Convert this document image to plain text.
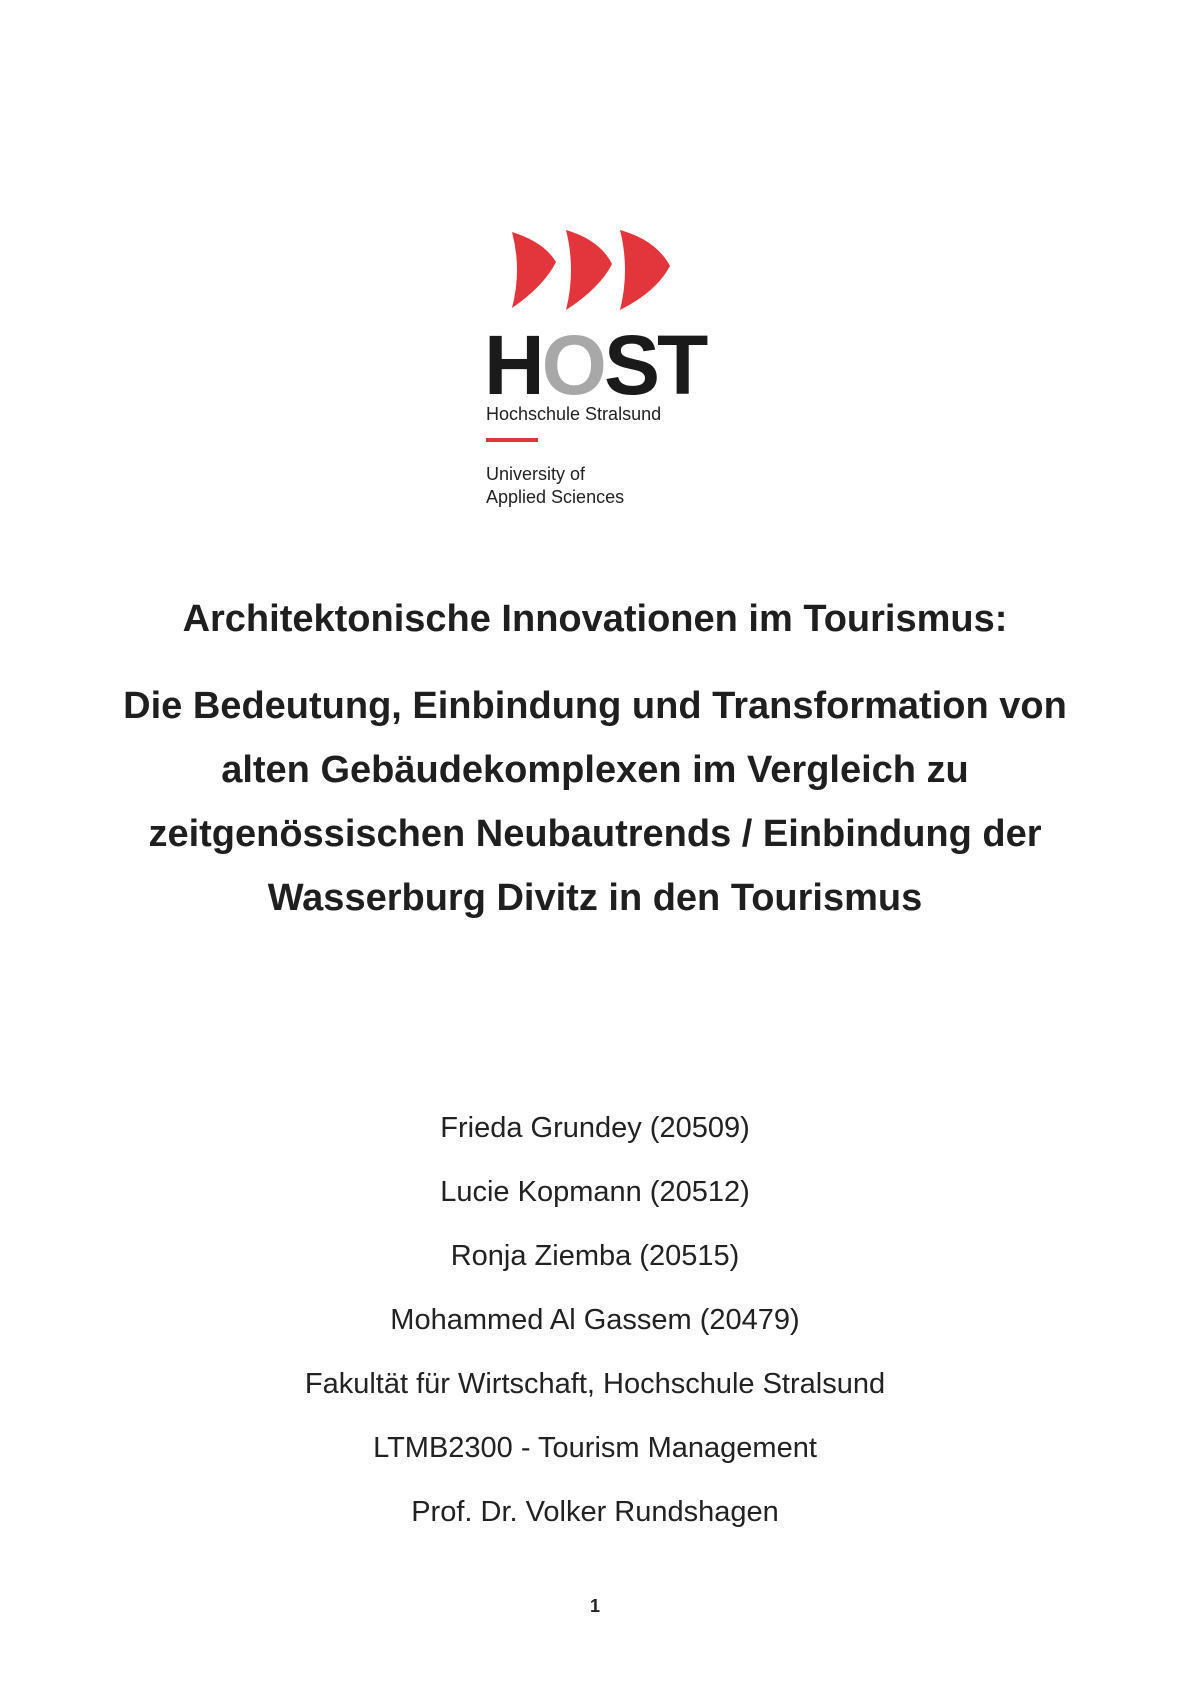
HOST
Hochschule Stralsund
University of
Applied Sciences
Architektonische Innovationen im Tourismus:
Die Bedeutung, Einbindung und Transformation von alten Gebäudekomplexen im Vergleich zu zeitgenössischen Neubautrends / Einbindung der Wasserburg Divitz in den Tourismus
Frieda Grundey (20509)
Lucie Kopmann (20512)
Ronja Ziemba (20515)
Mohammed Al Gassem (20479)
Fakultät für Wirtschaft, Hochschule Stralsund
LTMB2300 - Tourism Management
Prof. Dr. Volker Rundshagen
1
